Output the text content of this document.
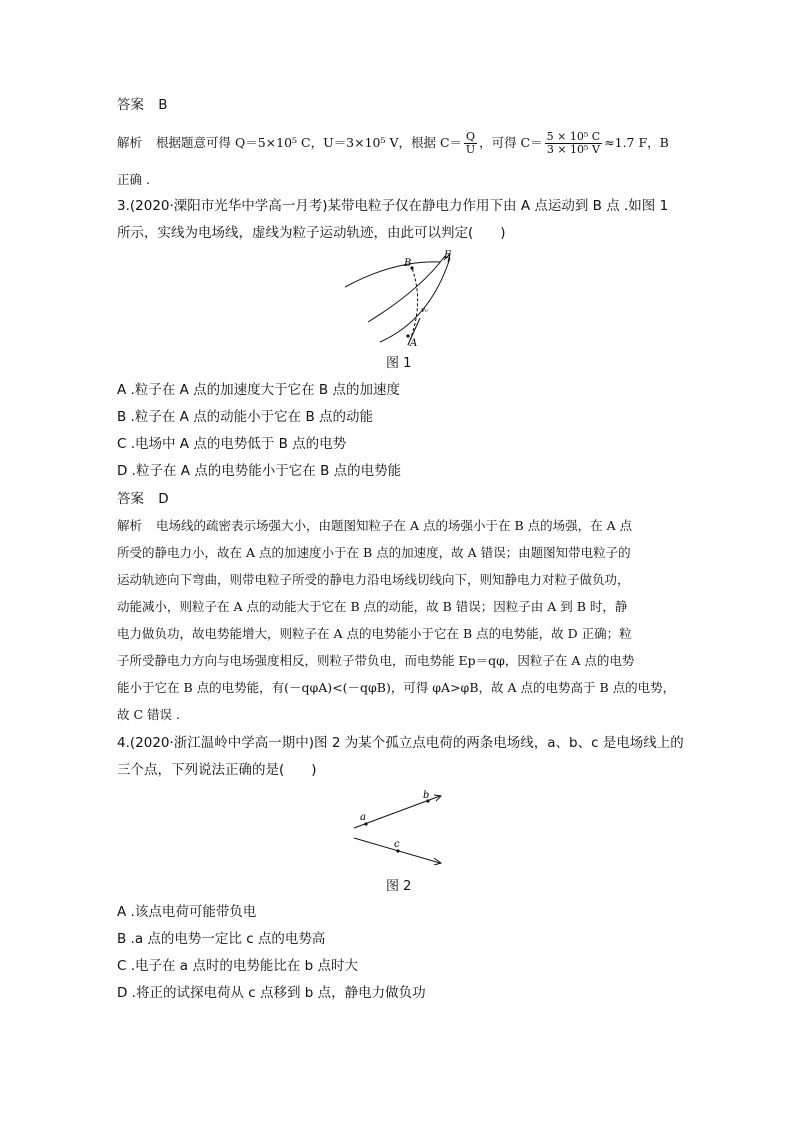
答案 B
解析 根据题意可得 Q＝5×10⁵ C，U＝3×10⁵ V，根据 $C= \frac{Q}{U}$ ，可得 $C= \frac{\text{5 × 10⁵ C}}{\text{3 × 10⁵ V}} \approx 1.7$ F，B
正确 .
3.(2020·溧阳市光华中学高一月考)某带电粒子仅在静电力作用下由 A 点运动到 B 点 .如图 1
所示，实线为电场线，虚线为粒子运动轨迹，由此可以判定(　　)
B
E
A
v₀
图 1
A .粒子在 A 点的加速度大于它在 B 点的加速度
B .粒子在 A 点的动能小于它在 B 点的动能
C .电场中 A 点的电势低于 B 点的电势
D .粒子在 A 点的电势能小于它在 B 点的电势能
答案 D
解析 电场线的疏密表示场强大小，由题图知粒子在 A 点的场强小于在 B 点的场强，在 A 点
所受的静电力小，故在 A 点的加速度小于在 B 点的加速度，故 A 错误；由题图知带电粒子的
运动轨迹向下弯曲，则带电粒子所受的静电力沿电场线切线向下，则知静电力对粒子做负功，
动能减小，则粒子在 A 点的动能大于它在 B 点的动能，故 B 错误；因粒子由 A 到 B 时，静
电力做负功，故电势能增大，则粒子在 A 点的电势能小于它在 B 点的电势能，故 D 正确；粒
子所受静电力方向与电场强度相反，则粒子带负电，而电势能 Ep＝qφ，因粒子在 A 点的电势
能小于它在 B 点的电势能，有(－qφA)<(－qφB)，可得 φA>φB，故 A 点的电势高于 B 点的电势，
故 C 错误 .
4.(2020·浙江温岭中学高一期中)图 2 为某个孤立点电荷的两条电场线，a、b、c 是电场线上的
三个点，下列说法正确的是(　　)
a
b
c
图 2
A .该点电荷可能带负电
B .a 点的电势一定比 c 点的电势高
C .电子在 a 点时的电势能比在 b 点时大
D .将正的试探电荷从 c 点移到 b 点，静电力做负功
